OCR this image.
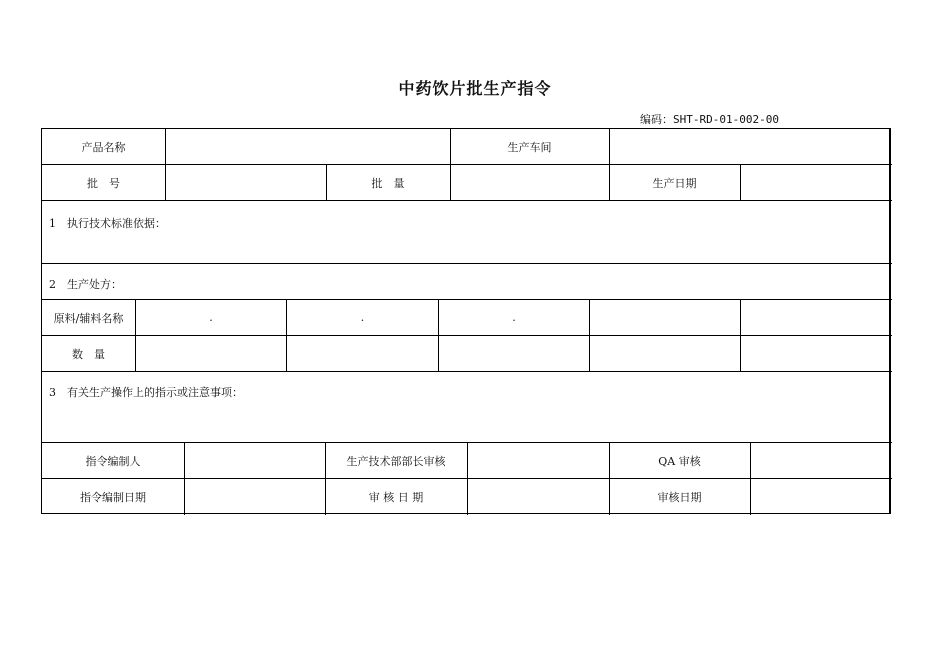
中药饮片批生产指令
编码：SHT-RD-01-002-00
产品名称	生产车间
批　号	批　量	生产日期
1　执行技术标准依据：
2　生产处方：
原料/辅料名称	.	.	.
数　量
3　有关生产操作上的指示或注意事项：
指令编制人	生产技术部部长审核	QA 审核
指令编制日期	审 核 日 期	审核日期
